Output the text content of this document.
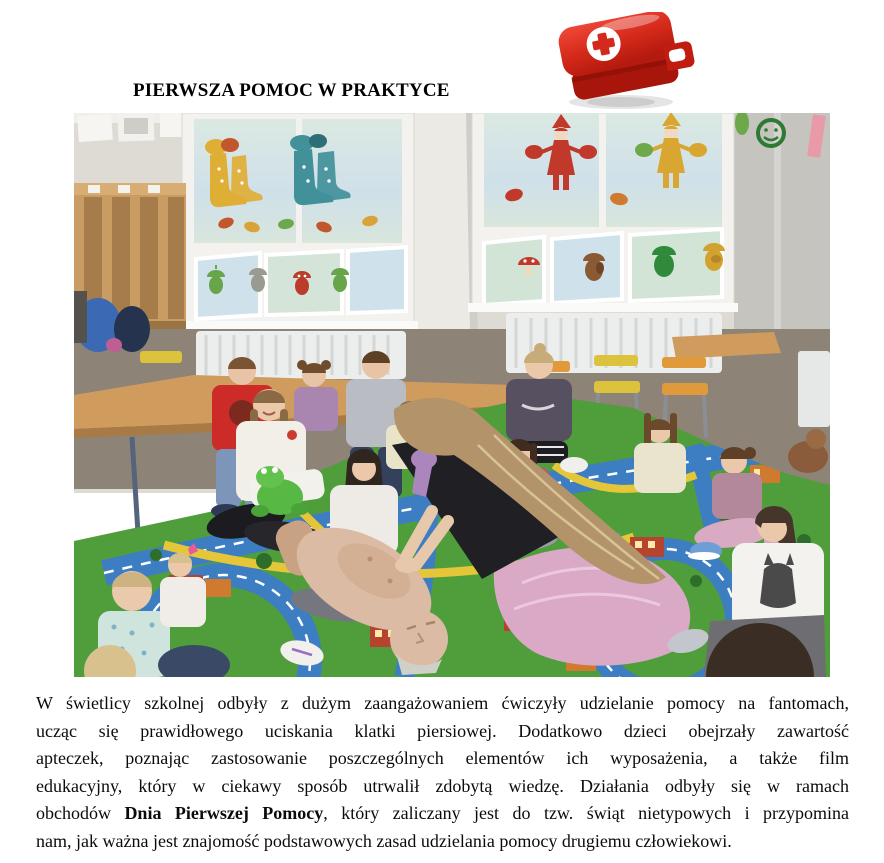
PIERWSZA POMOC W PRAKTYCE
W świetlicy szkolnej odbyły z dużym zaangażowaniem ćwiczyły udzielanie pomocy na fantomach,
ucząc się prawidłowego uciskania klatki piersiowej. Dodatkowo dzieci obejrzały zawartość
apteczek, poznając zastosowanie poszczególnych elementów ich wyposażenia, a także film
edukacyjny, który w ciekawy sposób utrwalił zdobytą wiedzę. Działania odbyły się w ramach
obchodów Dnia Pierwszej Pomocy, który zaliczany jest do tzw. świąt nietypowych i przypomina
nam, jak ważna jest znajomość podstawowych zasad udzielania pomocy drugiemu człowiekowi.
